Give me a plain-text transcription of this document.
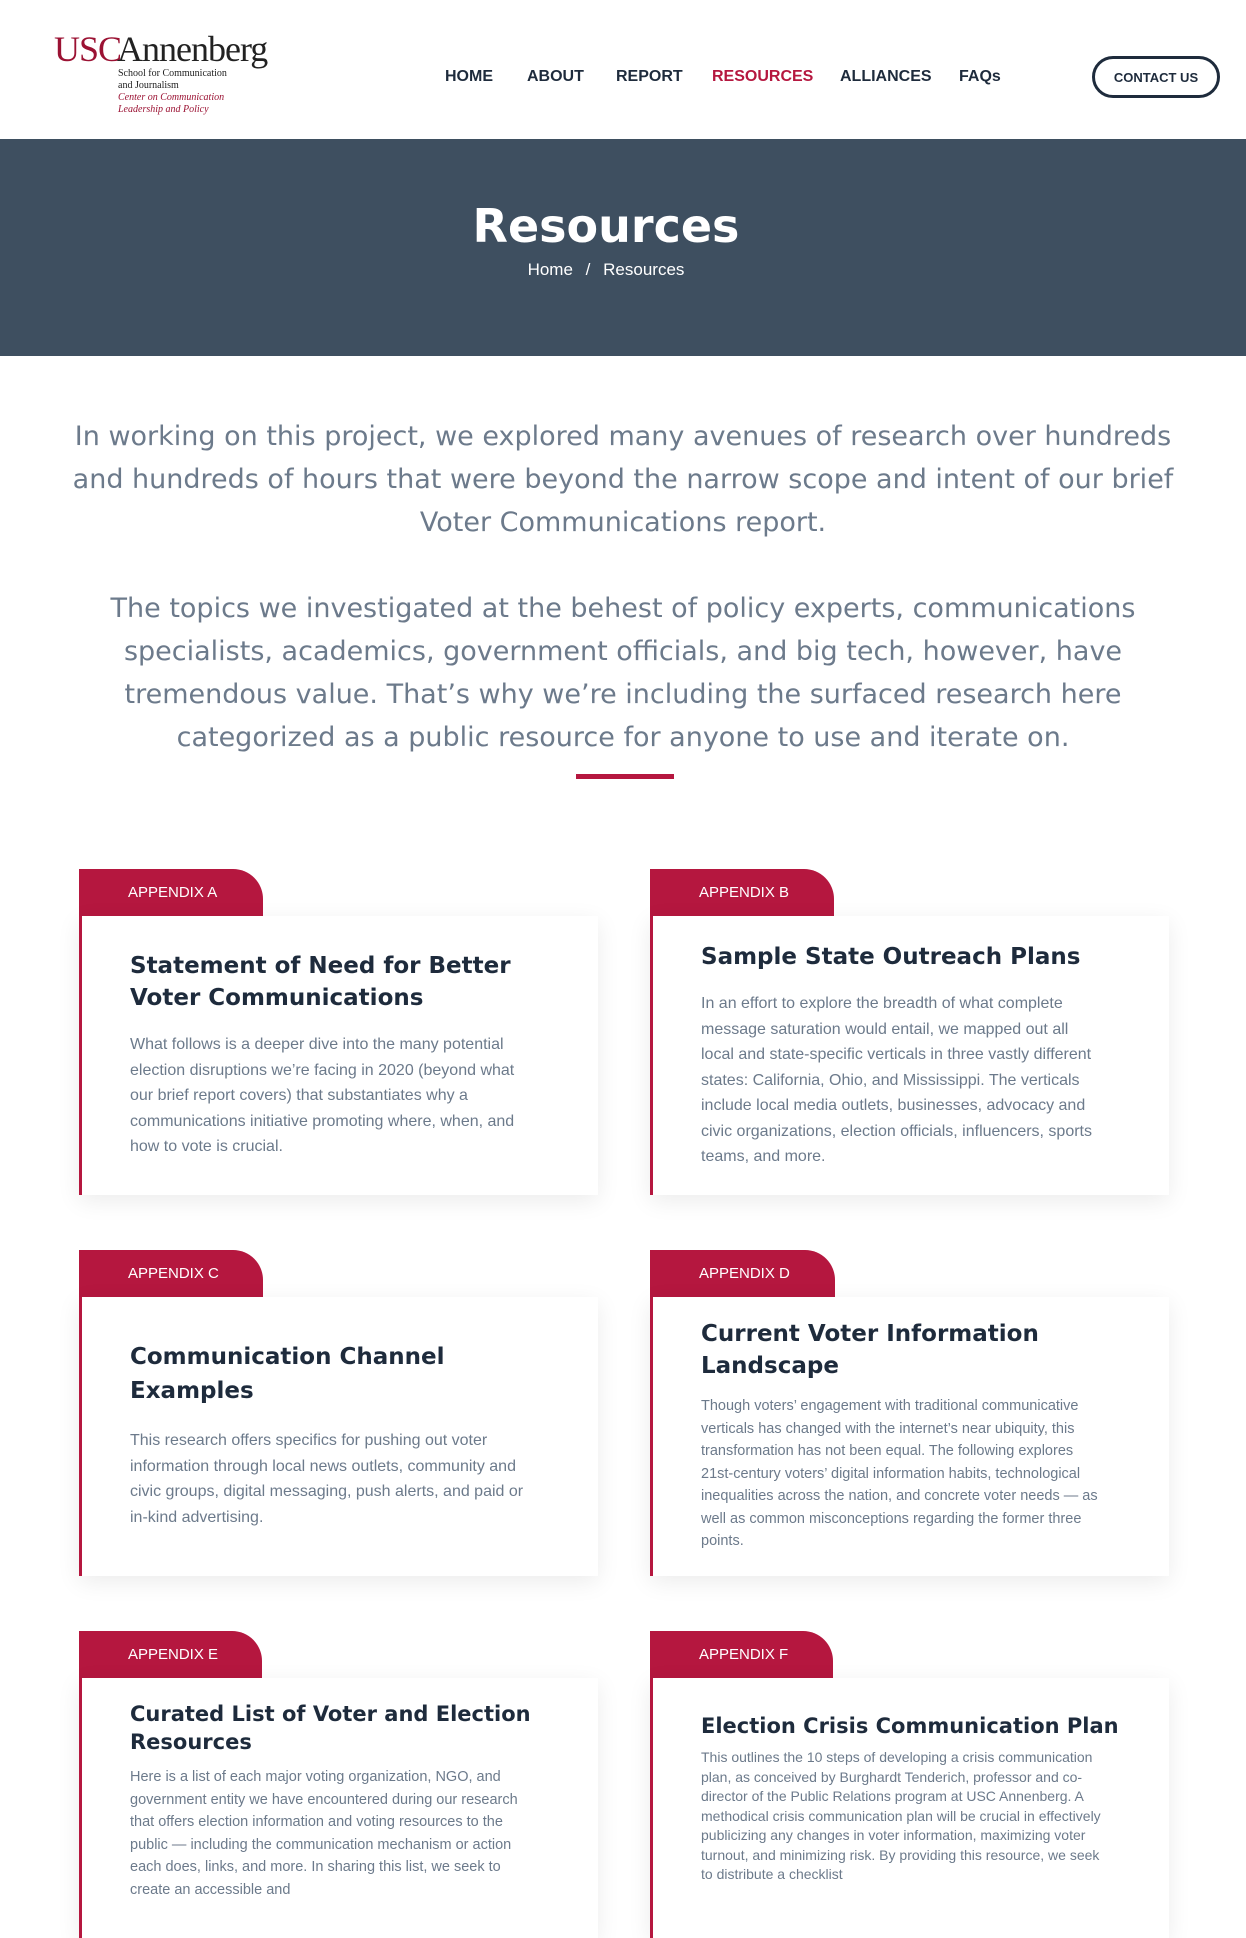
USC
Annenberg
School for Communication
and Journalism
Center on Communication
Leadership and Policy
HOME ABOUT REPORT RESOURCES ALLIANCES FAQs	CONTACT US
Resources
Home / Resources
In working on this project, we explored many avenues of research over hundreds and hundreds of hours that were beyond the narrow scope and intent of our brief Voter Communications report.
The topics we investigated at the behest of policy experts, communications specialists, academics, government officials, and big tech, however, have tremendous value. That’s why we’re including the surfaced research here categorized as a public resource for anyone to use and iterate on.
APPENDIX A
Statement of Need for Better Voter Communications
What follows is a deeper dive into the many potential election disruptions we’re facing in 2020 (beyond what our brief report covers) that substantiates why a communications initiative promoting where, when, and how to vote is crucial.
APPENDIX B
Sample State Outreach Plans
In an effort to explore the breadth of what complete message saturation would entail, we mapped out all local and state-specific verticals in three vastly different states: California, Ohio, and Mississippi. The verticals include local media outlets, businesses, advocacy and civic organizations, election officials, influencers, sports teams, and more.
APPENDIX C
Communication Channel Examples
This research offers specifics for pushing out voter information through local news outlets, community and civic groups, digital messaging, push alerts, and paid or in-kind advertising.
APPENDIX D
Current Voter Information Landscape
Though voters’ engagement with traditional communicative verticals has changed with the internet’s near ubiquity, this transformation has not been equal. The following explores 21st-century voters’ digital information habits, technological inequalities across the nation, and concrete voter needs — as well as common misconceptions regarding the former three points.
APPENDIX E
Curated List of Voter and Election Resources
Here is a list of each major voting organization, NGO, and government entity we have encountered during our research that offers election information and voting resources to the public — including the communication mechanism or action each does, links, and more. In sharing this list, we seek to create an accessible and
APPENDIX F
Election Crisis Communication Plan
This outlines the 10 steps of developing a crisis communication plan, as conceived by Burghardt Tenderich, professor and co-director of the Public Relations program at USC Annenberg. A methodical crisis communication plan will be crucial in effectively publicizing any changes in voter information, maximizing voter turnout, and minimizing risk. By providing this resource, we seek to distribute a checklist
